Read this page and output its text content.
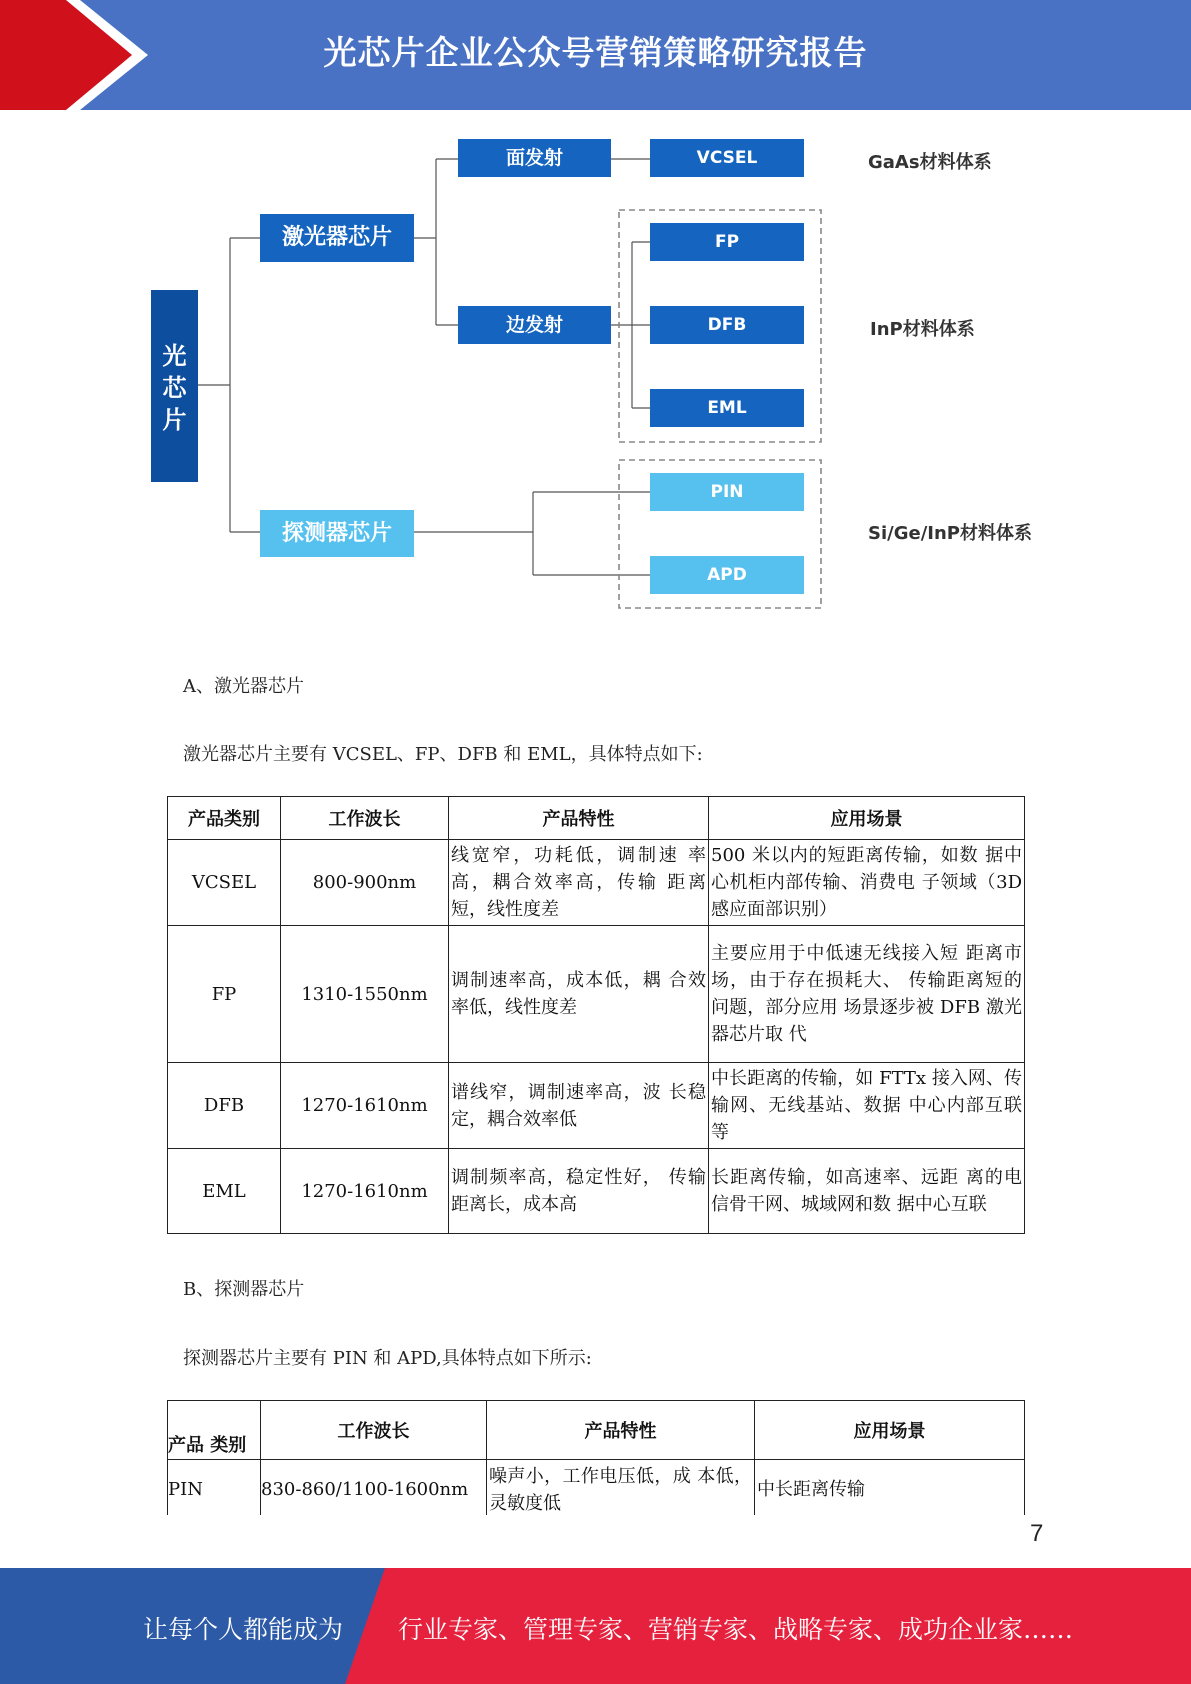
光芯片企业公众号营销策略研究报告
光芯片
激光器芯片
探测器芯片
面发射
边发射
VCSEL
FP
DFB
EML
PIN
APD
GaAs材料体系
InP材料体系
Si/Ge/InP材料体系
A、激光器芯片
激光器芯片主要有 VCSEL、FP、DFB 和 EML，具体特点如下:
产品类别	工作波长	产品特性	应用场景
VCSEL	800-900nm	线宽窄，功耗低，调制速 率高，耦合效率高，传输 距离短，线性度差	500 米以内的短距离传输，如数 据中心机柜内部传输、消费电 子领域（3D 感应面部识别）
FP	1310-1550nm	调制速率高，成本低，耦 合效率低，线性度差	主要应用于中低速无线接入短 距离市场，由于存在损耗大、 传输距离短的问题，部分应用 场景逐步被 DFB 激光器芯片取 代
DFB	1270-1610nm	谱线窄，调制速率高，波 长稳定，耦合效率低	中长距离的传输，如 FTTx 接入网、传输网、无线基站、数据 中心内部互联等
EML	1270-1610nm	调制频率高，稳定性好， 传输距离长，成本高	长距离传输，如高速率、远距 离的电信骨干网、城域网和数 据中心互联
B、探测器芯片
探测器芯片主要有 PIN 和 APD,具体特点如下所示:
产品 类别	工作波长	产品特性	应用场景
PIN	830-860/1100-1600nm	噪声小，工作电压低，成 本低，灵敏度低	中长距离传输
7
让每个人都能成为 行业专家、管理专家、营销专家、战略专家、成功企业家……
